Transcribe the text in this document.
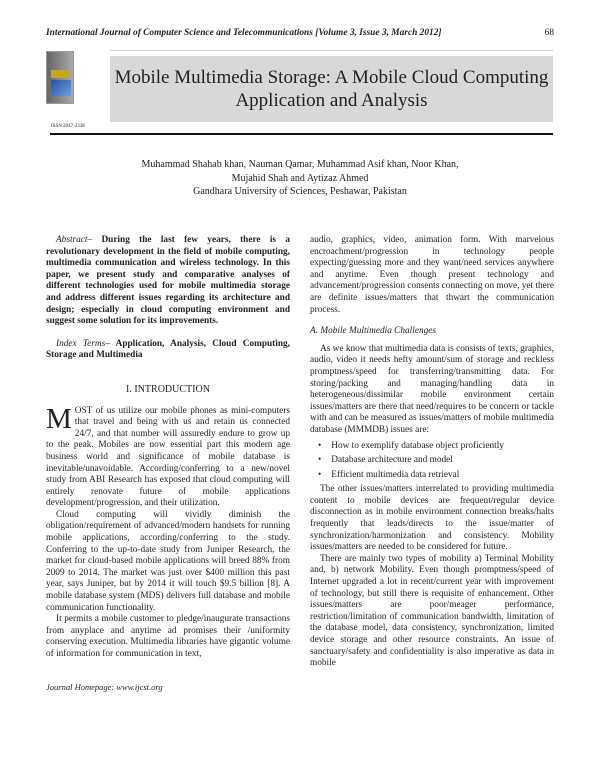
International Journal of Computer Science and Telecommunications [Volume 3, Issue 3, March 2012]	68
ISSN 2047-3338
Mobile Multimedia Storage: A Mobile Cloud Computing Application and Analysis
Muhammad Shahab khan, Nauman Qamar, Muhammad Asif khan, Noor Khan,
Mujahid Shah and Aytizaz Ahmed
Gandhara University of Sciences, Peshawar, Pakistan

Abstract– During the last few years, there is a revolutionary development in the field of mobile computing, multimedia communication and wireless technology. In this paper, we present study and comparative analyses of different technologies used for mobile multimedia storage and address different issues regarding its architecture and design; especially in cloud computing environment and suggest some solution for its improvements.

Index Terms– Application, Analysis, Cloud Computing, Storage and Multimedia

I. INTRODUCTION

MOST of us utilize our mobile phones as mini-computers that travel and being with us and retain us connected 24/7, and that number will assuredly endure to grow up to the peak. Mobiles are now essential part this modern age business world and significance of mobile database is inevitable/unavoidable. According/conferring to a new/novel study from ABI Research has exposed that cloud computing will entirely renovate future of mobile applications development/progression, and their utilization.

Cloud computing will vividly diminish the obligation/requirement of advanced/modern handsets for running mobile applications, according/conferring to the study. Conferring to the up-to-date study from Juniper Research, the market for cloud-based mobile applications will breed 88% from 2009 to 2014. The market was just over $400 million this past year, says Juniper, but by 2014 it will touch $9.5 billion [8]. A mobile database system (MDS) delivers full database and mobile communication functionality.

It permits a mobile customer to pledge/inaugurate transactions from anyplace and anytime ad promises their /uniformity conserving execution. Multimedia libraries have gigantic volume of information for communication in text,

audio, graphics, video, animation form. With marvelous encroachment/progression in technology people expecting/guessing more and they want/need services anywhere and anytime. Even though present technology and advancement/progression consents connecting on move, yet there are definite issues/matters that thwart the communication process.

A. Mobile Multimedia Challenges

As we know that multimedia data is consists of texts, graphics, audio, video it needs hefty amount/sum of storage and reckless promptness/speed for transferring/transmitting data. For storing/packing and managing/handling data in heterogeneous/dissimilar mobile environment certain issues/matters are there that need/requires to be concern or tackle with and can be measured as issues/matters of mobile multimedia database (MMMDB) issues are:

• How to exemplify database object proficiently
• Database architecture and model
• Efficient multimedia data retrieval

The other issues/matters interrelated to providing multimedia content to mobile devices are frequent/regular device disconnection as in mobile environment connection breaks/halts frequently that leads/directs to the issue/matter of synchronization/harmonization and consistency. Mobility issues/matters are needed to be considered for future.

There are mainly two types of mobility a) Terminal Mobility and, b) network Mobility. Even though promptness/speed of Internet upgraded a lot in recent/current year with improvement of technology, but still there is requisite of enhancement. Other issues/matters are poor/meager performance, restriction/limitation of communication bandwidth, limitation of the database model, data consistency, synchronization, limited device storage and other resource constraints. An issue of sanctuary/safety and confidentiality is also imperative as data in mobile

Journal Homepage: www.ijcst.org
